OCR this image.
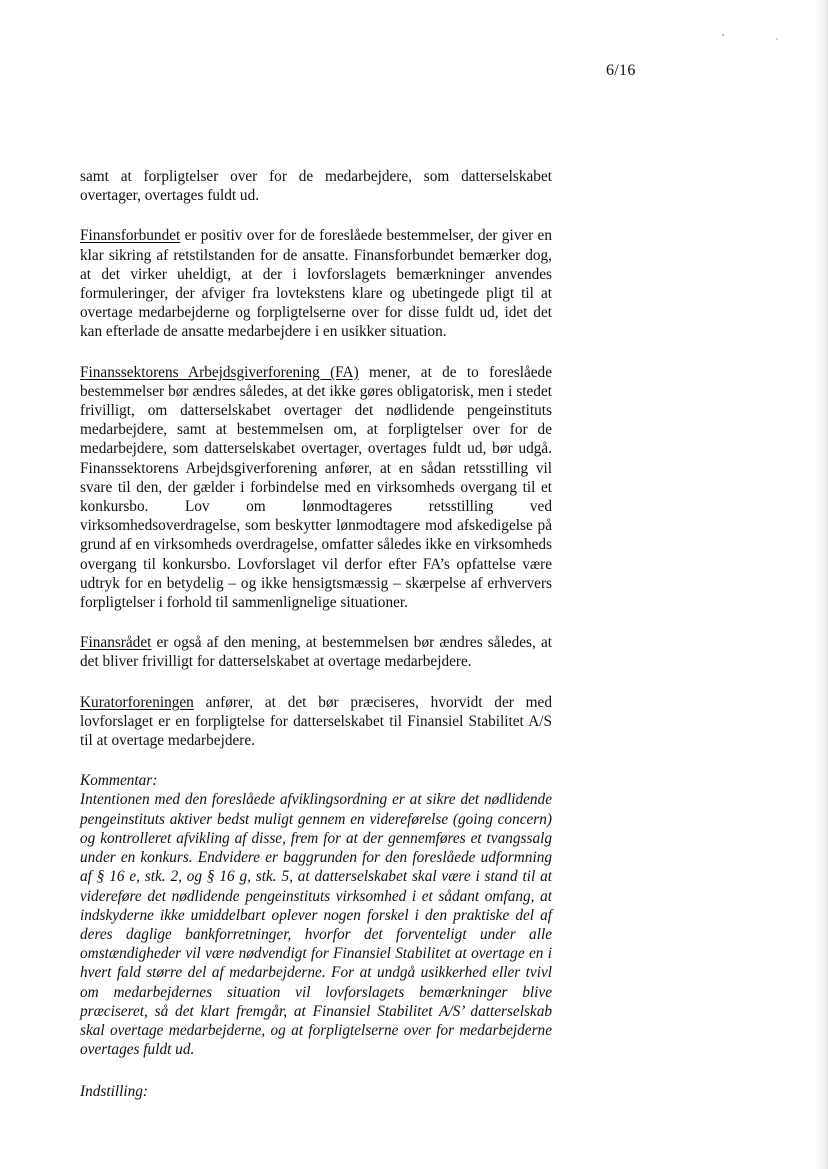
6/16

samt at forpligtelser over for de medarbejdere, som datterselskabet overtager, overtages fuldt ud.

Finansforbundet er positiv over for de foreslåede bestemmelser, der giver en klar sikring af retstilstanden for de ansatte. Finansforbundet bemærker dog, at det virker uheldigt, at der i lovforslagets bemærkninger anvendes formuleringer, der afviger fra lovtekstens klare og ubetingede pligt til at overtage medarbejderne og forpligtelserne over for disse fuldt ud, idet det kan efterlade de ansatte medarbejdere i en usikker situation.

Finanssektorens Arbejdsgiverforening (FA) mener, at de to foreslåede bestemmelser bør ændres således, at det ikke gøres obligatorisk, men i stedet frivilligt, om datterselskabet overtager det nødlidende pengeinstituts medarbejdere, samt at bestemmelsen om, at forpligtelser over for de medarbejdere, som datterselskabet overtager, overtages fuldt ud, bør udgå. Finanssektorens Arbejdsgiverforening anfører, at en sådan retsstilling vil svare til den, der gælder i forbindelse med en virksomheds overgang til et konkursbo. Lov om lønmodtageres retsstilling ved virksomhedsoverdragelse, som beskytter lønmodtagere mod afskedigelse på grund af en virksomheds overdragelse, omfatter således ikke en virksomheds overgang til konkursbo. Lovforslaget vil derfor efter FA’s opfattelse være udtryk for en betydelig – og ikke hensigtsmæssig – skærpelse af erhververs forpligtelser i forhold til sammenlignelige situationer.

Finansrådet er også af den mening, at bestemmelsen bør ændres således, at det bliver frivilligt for datterselskabet at overtage medarbejdere.

Kuratorforeningen anfører, at det bør præciseres, hvorvidt der med lovforslaget er en forpligtelse for datterselskabet til Finansiel Stabilitet A/S til at overtage medarbejdere.

Kommentar:

Intentionen med den foreslåede afviklingsordning er at sikre det nødlidende pengeinstituts aktiver bedst muligt gennem en videreførelse (going concern) og kontrolleret afvikling af disse, frem for at der gennemføres et tvangssalg under en konkurs. Endvidere er baggrunden for den foreslåede udformning af § 16 e, stk. 2, og § 16 g, stk. 5, at datterselskabet skal være i stand til at videreføre det nødlidende pengeinstituts virksomhed i et sådant omfang, at indskyderne ikke umiddelbart oplever nogen forskel i den praktiske del af deres daglige bankforretninger, hvorfor det forventeligt under alle omstændigheder vil være nødvendigt for Finansiel Stabilitet at overtage en i hvert fald større del af medarbejderne. For at undgå usikkerhed eller tvivl om medarbejdernes situation vil lovforslagets bemærkninger blive præciseret, så det klart fremgår, at Finansiel Stabilitet A/S’ datterselskab skal overtage medarbejderne, og at forpligtelserne over for medarbejderne overtages fuldt ud.

Indstilling:
